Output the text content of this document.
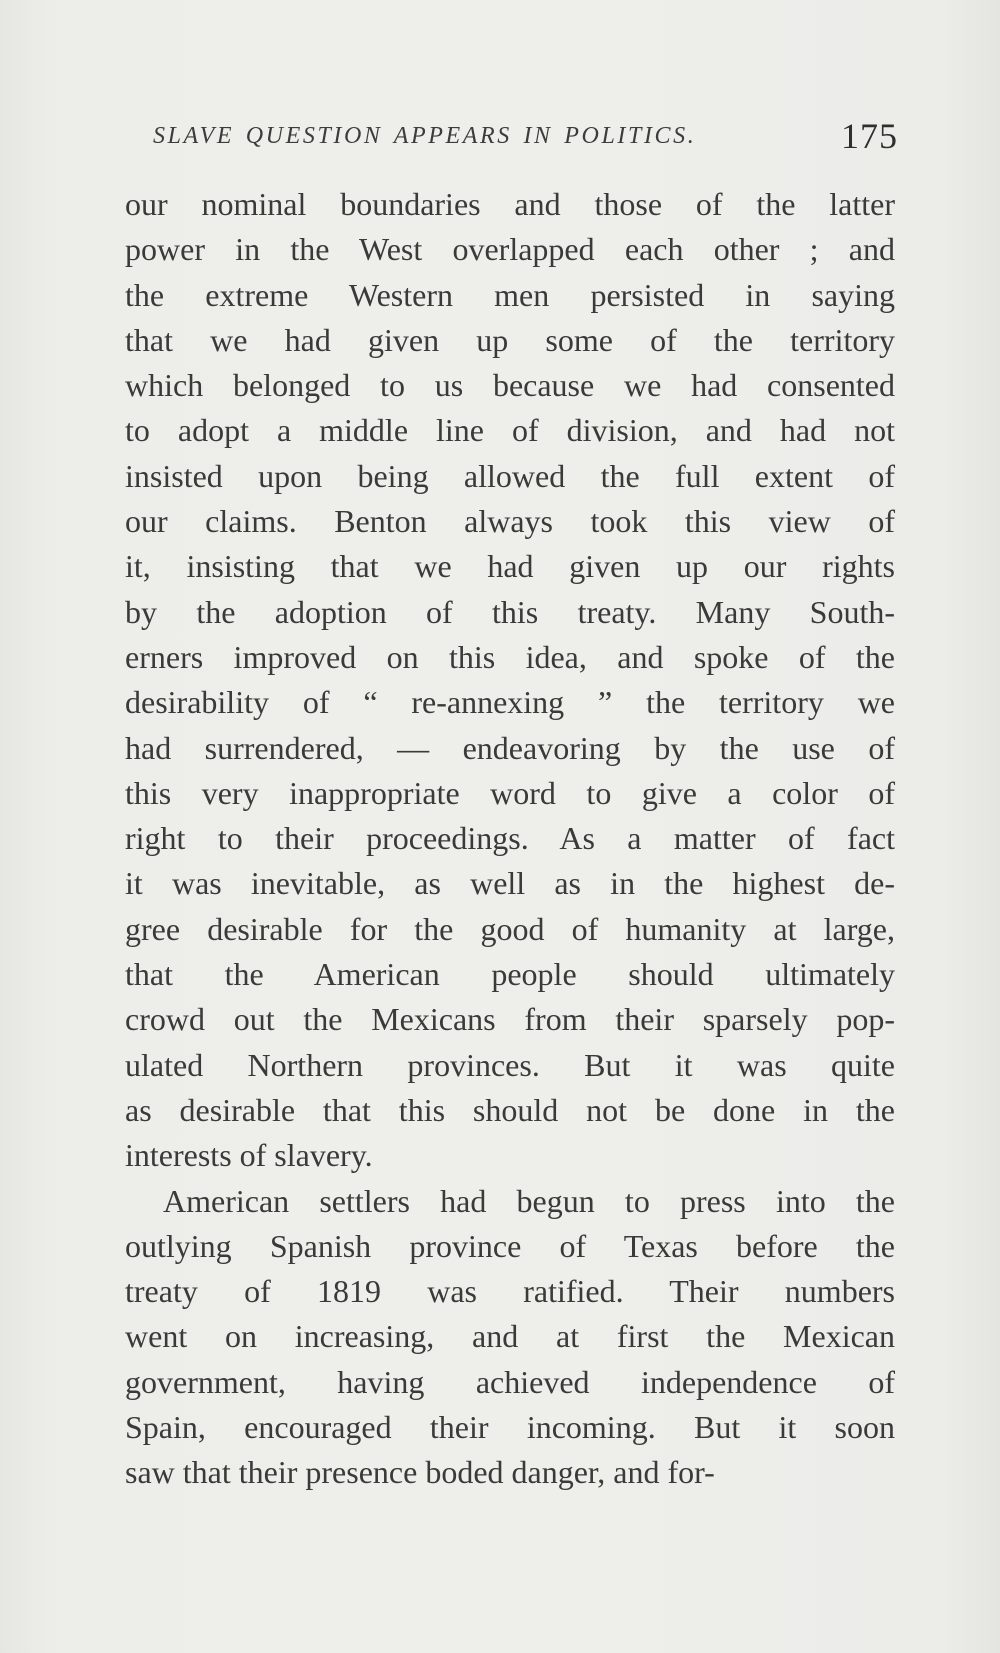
SLAVE QUESTION APPEARS IN POLITICS.	175
our nominal boundaries and those of the latter
power in the West overlapped each other ; and
the extreme Western men persisted in saying
that we had given up some of the territory
which belonged to us because we had consented
to adopt a middle line of division, and had not
insisted upon being allowed the full extent of
our claims. Benton always took this view of
it, insisting that we had given up our rights
by the adoption of this treaty. Many South-
erners improved on this idea, and spoke of the
desirability of “ re-annexing ” the territory we
had surrendered, — endeavoring by the use of
this very inappropriate word to give a color of
right to their proceedings. As a matter of fact
it was inevitable, as well as in the highest de-
gree desirable for the good of humanity at large,
that the American people should ultimately
crowd out the Mexicans from their sparsely pop-
ulated Northern provinces. But it was quite
as desirable that this should not be done in the
interests of slavery.
American settlers had begun to press into the
outlying Spanish province of Texas before the
treaty of 1819 was ratified. Their numbers
went on increasing, and at first the Mexican
government, having achieved independence of
Spain, encouraged their incoming. But it soon
saw that their presence boded danger, and for-
